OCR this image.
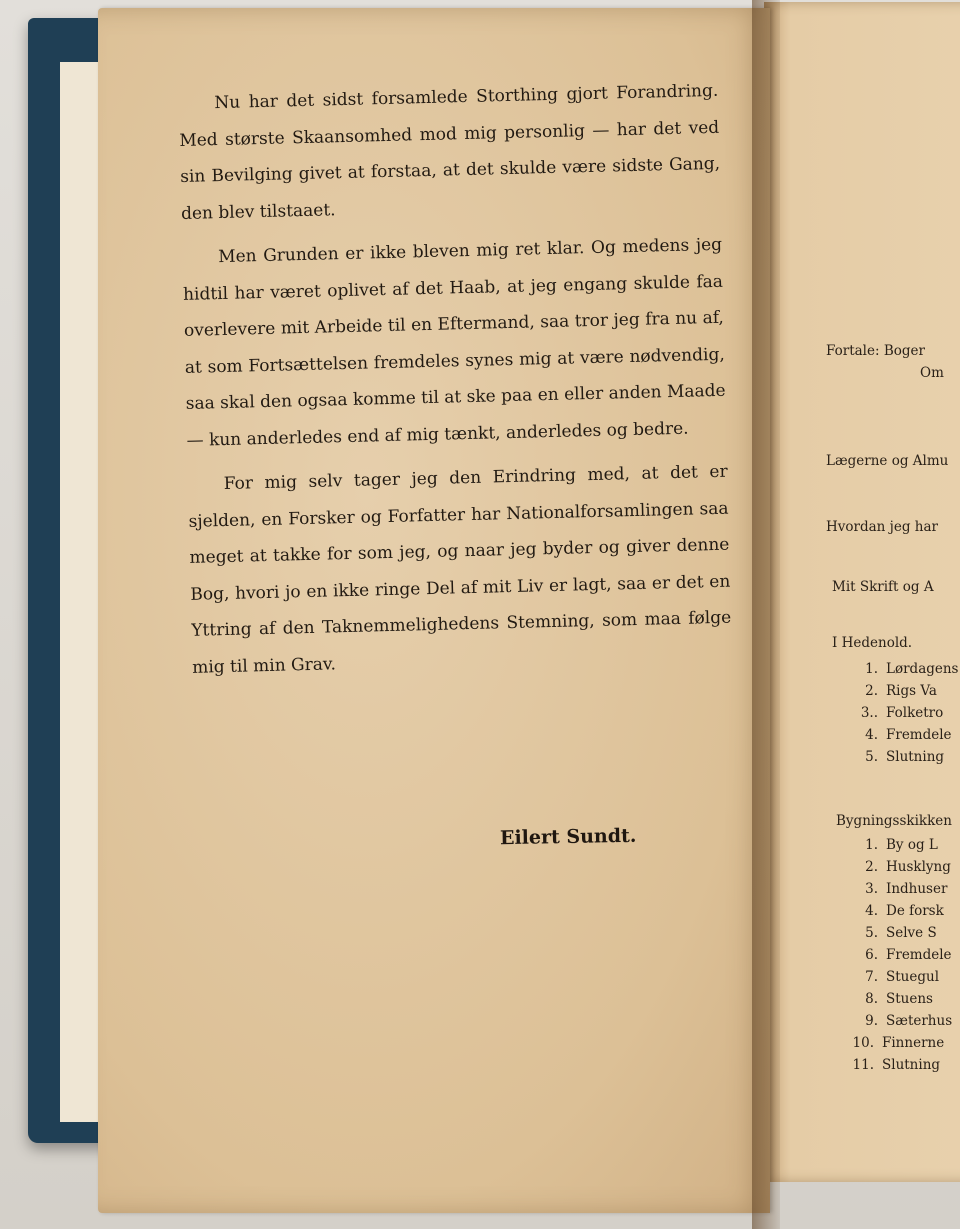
Nu har det sidst forsamlede Storthing gjort Forandring. Med største Skaansomhed mod mig personlig — har det ved sin Bevilging givet at forstaa, at det skulde være sidste Gang, den blev tilstaaet.

Men Grunden er ikke bleven mig ret klar. Og medens jeg hidtil har været oplivet af det Haab, at jeg engang skulde faa overlevere mit Arbeide til en Eftermand, saa tror jeg fra nu af, at som Fortsættelsen fremdeles synes mig at være nødvendig, saa skal den ogsaa komme til at ske paa en eller anden Maade — kun anderledes end af mig tænkt, anderledes og bedre.

For mig selv tager jeg den Erindring med, at det er sjelden, en Forsker og Forfatter har Nationalforsamlingen saa meget at takke for som jeg, og naar jeg byder og giver denne Bog, hvori jo en ikke ringe Del af mit Liv er lagt, saa er det en Yttring af den Taknemmelighedens Stemning, som maa følge mig til min Grav.

Eilert Sundt.
Fortale: Boger
Om
Lægerne og Almu
Hvordan jeg har
Mit Skrift og A
I Hedenold.
1. Lørdagens
2. Rigs Va
3.. Folketro
4. Fremdele
5. Slutning
Bygningsskikken
1. By og L
2. Husklyng
3. Indhuser
4. De forsk
5. Selve S
6. Fremdele
7. Stuegul
8. Stuens
9. Sæterhus
10. Finnerne
11. Slutning
